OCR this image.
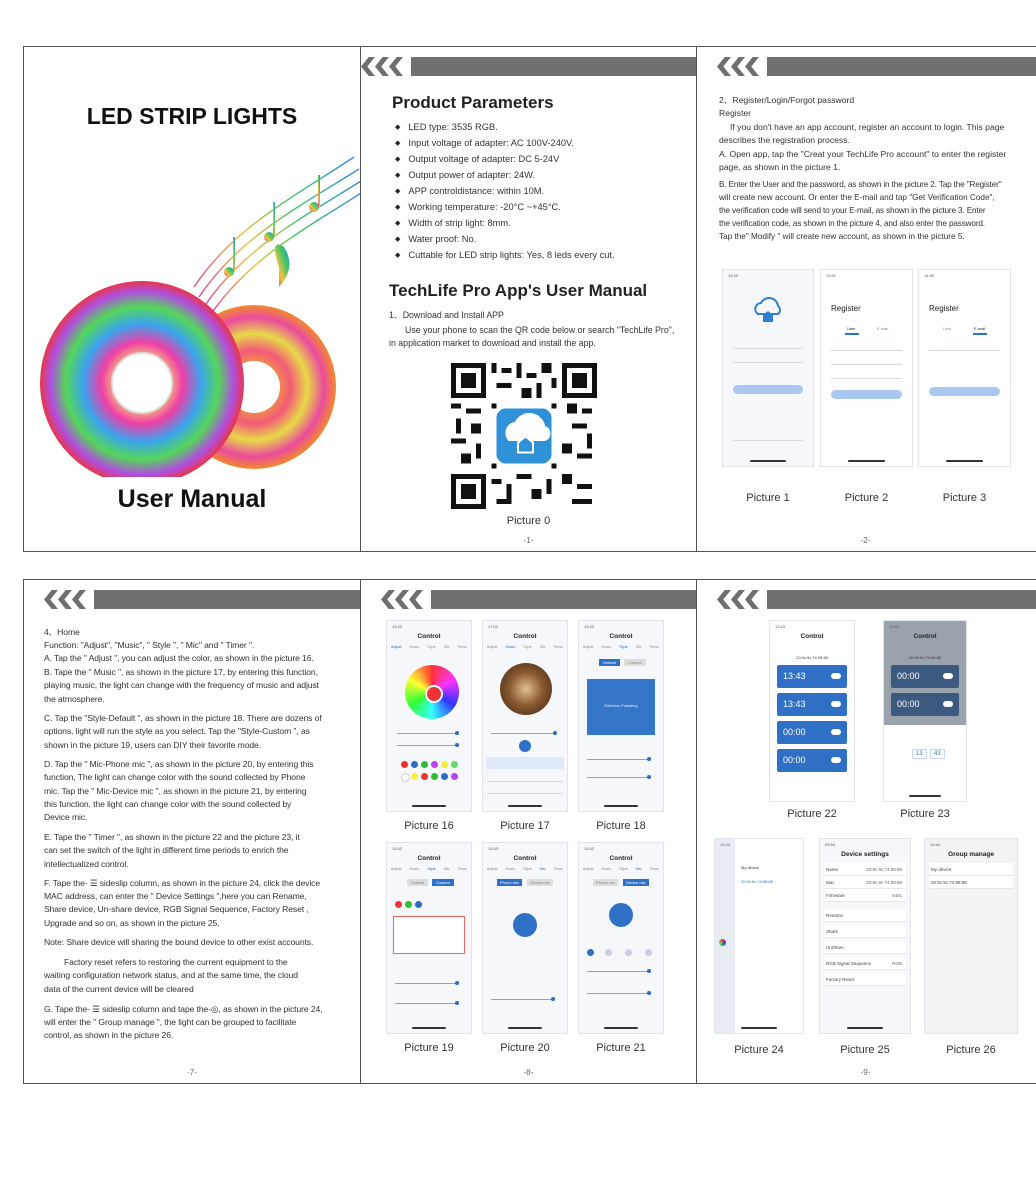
LED STRIP LIGHTS
User Manual
Product Parameters
◆ LED type: 3535 RGB.
◆ Input voltage of adapter: AC 100V-240V.
◆ Output voltage of adapter: DC 5-24V
◆ Output power of adapter: 24W.
◆ APP controldistance: within 10M.
◆ Working temperature: -20°C ~+45°C.
◆ Width of strip light: 8mm.
◆ Water proof: No.
◆ Cuttable for LED strip lights: Yes, 8 leds every cut.
TechLife Pro App's User Manual
1、Download and Install APP
Use your phone to scan the QR code below or search "TechLife Pro",
in application market to download and install the app.
Picture 0
-1-
2、Register/Login/Forgot password
Register
If you don't have an app account, register an account to login. This page
describes the registration process.
A. Open app, tap the "Creat your TechLife Pro account" to enter the register
page, as shown in the picture 1.
B. Enter the User and the password, as shown in the picture 2. Tap the "Register"
will create new account. Or enter the E-mail and tap "Get Verification Code",
the verification code will send to your E-mail, as shown in the picture 3. Enter
the verification code, as shown in the picture 4, and also enter the password.
Tap the" Modify " will create new account, as shown in the picture 5.
13:40	13:51
Register
User	E-mail
14:59
Register
User	E-mail
Picture 1	Picture 2	Picture 3
-2-
4、Home
Function: "Adjust", "Music", " Style ", " Mic" and " Timer ".
A. Tap the " Adjust ", you can adjust the color, as shown in the picture 16.
B. Tape the " Music ", as shown in the picture 17, by entering this function,
playing music, the light can change with the frequency of music and adjust
the atmosphere.
C. Tap the "Style-Default ", as shown in the picture 18. There are dozens of
options, light will run the style as you select. Tap the "Style-Custom ", as
shown in the picture 19, users can DIY their favorite mode.
D. Tap the " Mic-Phone mic ", as shown in the picture 20, by entering this
function, The light can change color with the sound collected by Phone
mic. Tap the " Mic-Device mic ", as shown in the picture 21, by entering
this function, the light can change color with the sound collected by
Device mic.
E. Tape the " Timer ", as shown in the picture 22 and the picture 23, it
can set the switch of the light in different time periods to enrich the
intellectualized control.
F. Tape the- ☰ sideslip column, as shown in the picture 24, click the device
MAC address, can enter the " Device Settings ",here you can Rename,
Share device, Un-share device, RGB Signal Sequence, Factory Reset ,
Upgrade and so on, as shown in the picture 25.
Note: Share device will sharing the bound device to other exist accounts.
Factory reset refers to restoring the current equipment to the
waiting configuration network status, and at the same time, the cloud
data of the current device will be cleared
G. Tape the- ☰ sideslip column and tape the-◎, as shown in the picture 24,
will enter the " Group manage ", the light can be grouped to facilitate
control, as shown in the picture 26.
-7-
13:42
Control
Adjust Music Style Mic Timer
17:04
Control
Adjust Music Style Mic Timer
13:42
Control
Adjust Music Style Mic Timer
Default	Custom
Rainbow Pulsating
13:42
Control
Adjust Music Style Mic Timer
Default	Custom
13:43
Control
Adjust Music Style Mic Timer
Phone mic	Device mic
13:42
Control
Adjust Music Style Mic Timer
Phone mic	Device mic
Picture 16	Picture 17	Picture 18
Picture 19	Picture 20	Picture 21
-8-
13:43
Control
20:9c:9c:74:98:88
13:43
13:43
00:00
00:00
13:43
Control
20:9c:9c:74:98:88
00:00
00:00
13	43
Picture 22	Picture 23
13:44
My device
20:9c:9c:74:98:88
09:54
Device settings
Name	20:9c:9c:74:98:88
Mac	20:9c:9c:74:98:88
Firmware	5401
Rename
Share
UnShare
RGB Signal Sequence	RGB
Factory Reset
13:44
Group manage
My device
20:9c:9c:74:98:88
Picture 24	Picture 25	Picture 26
-9-
